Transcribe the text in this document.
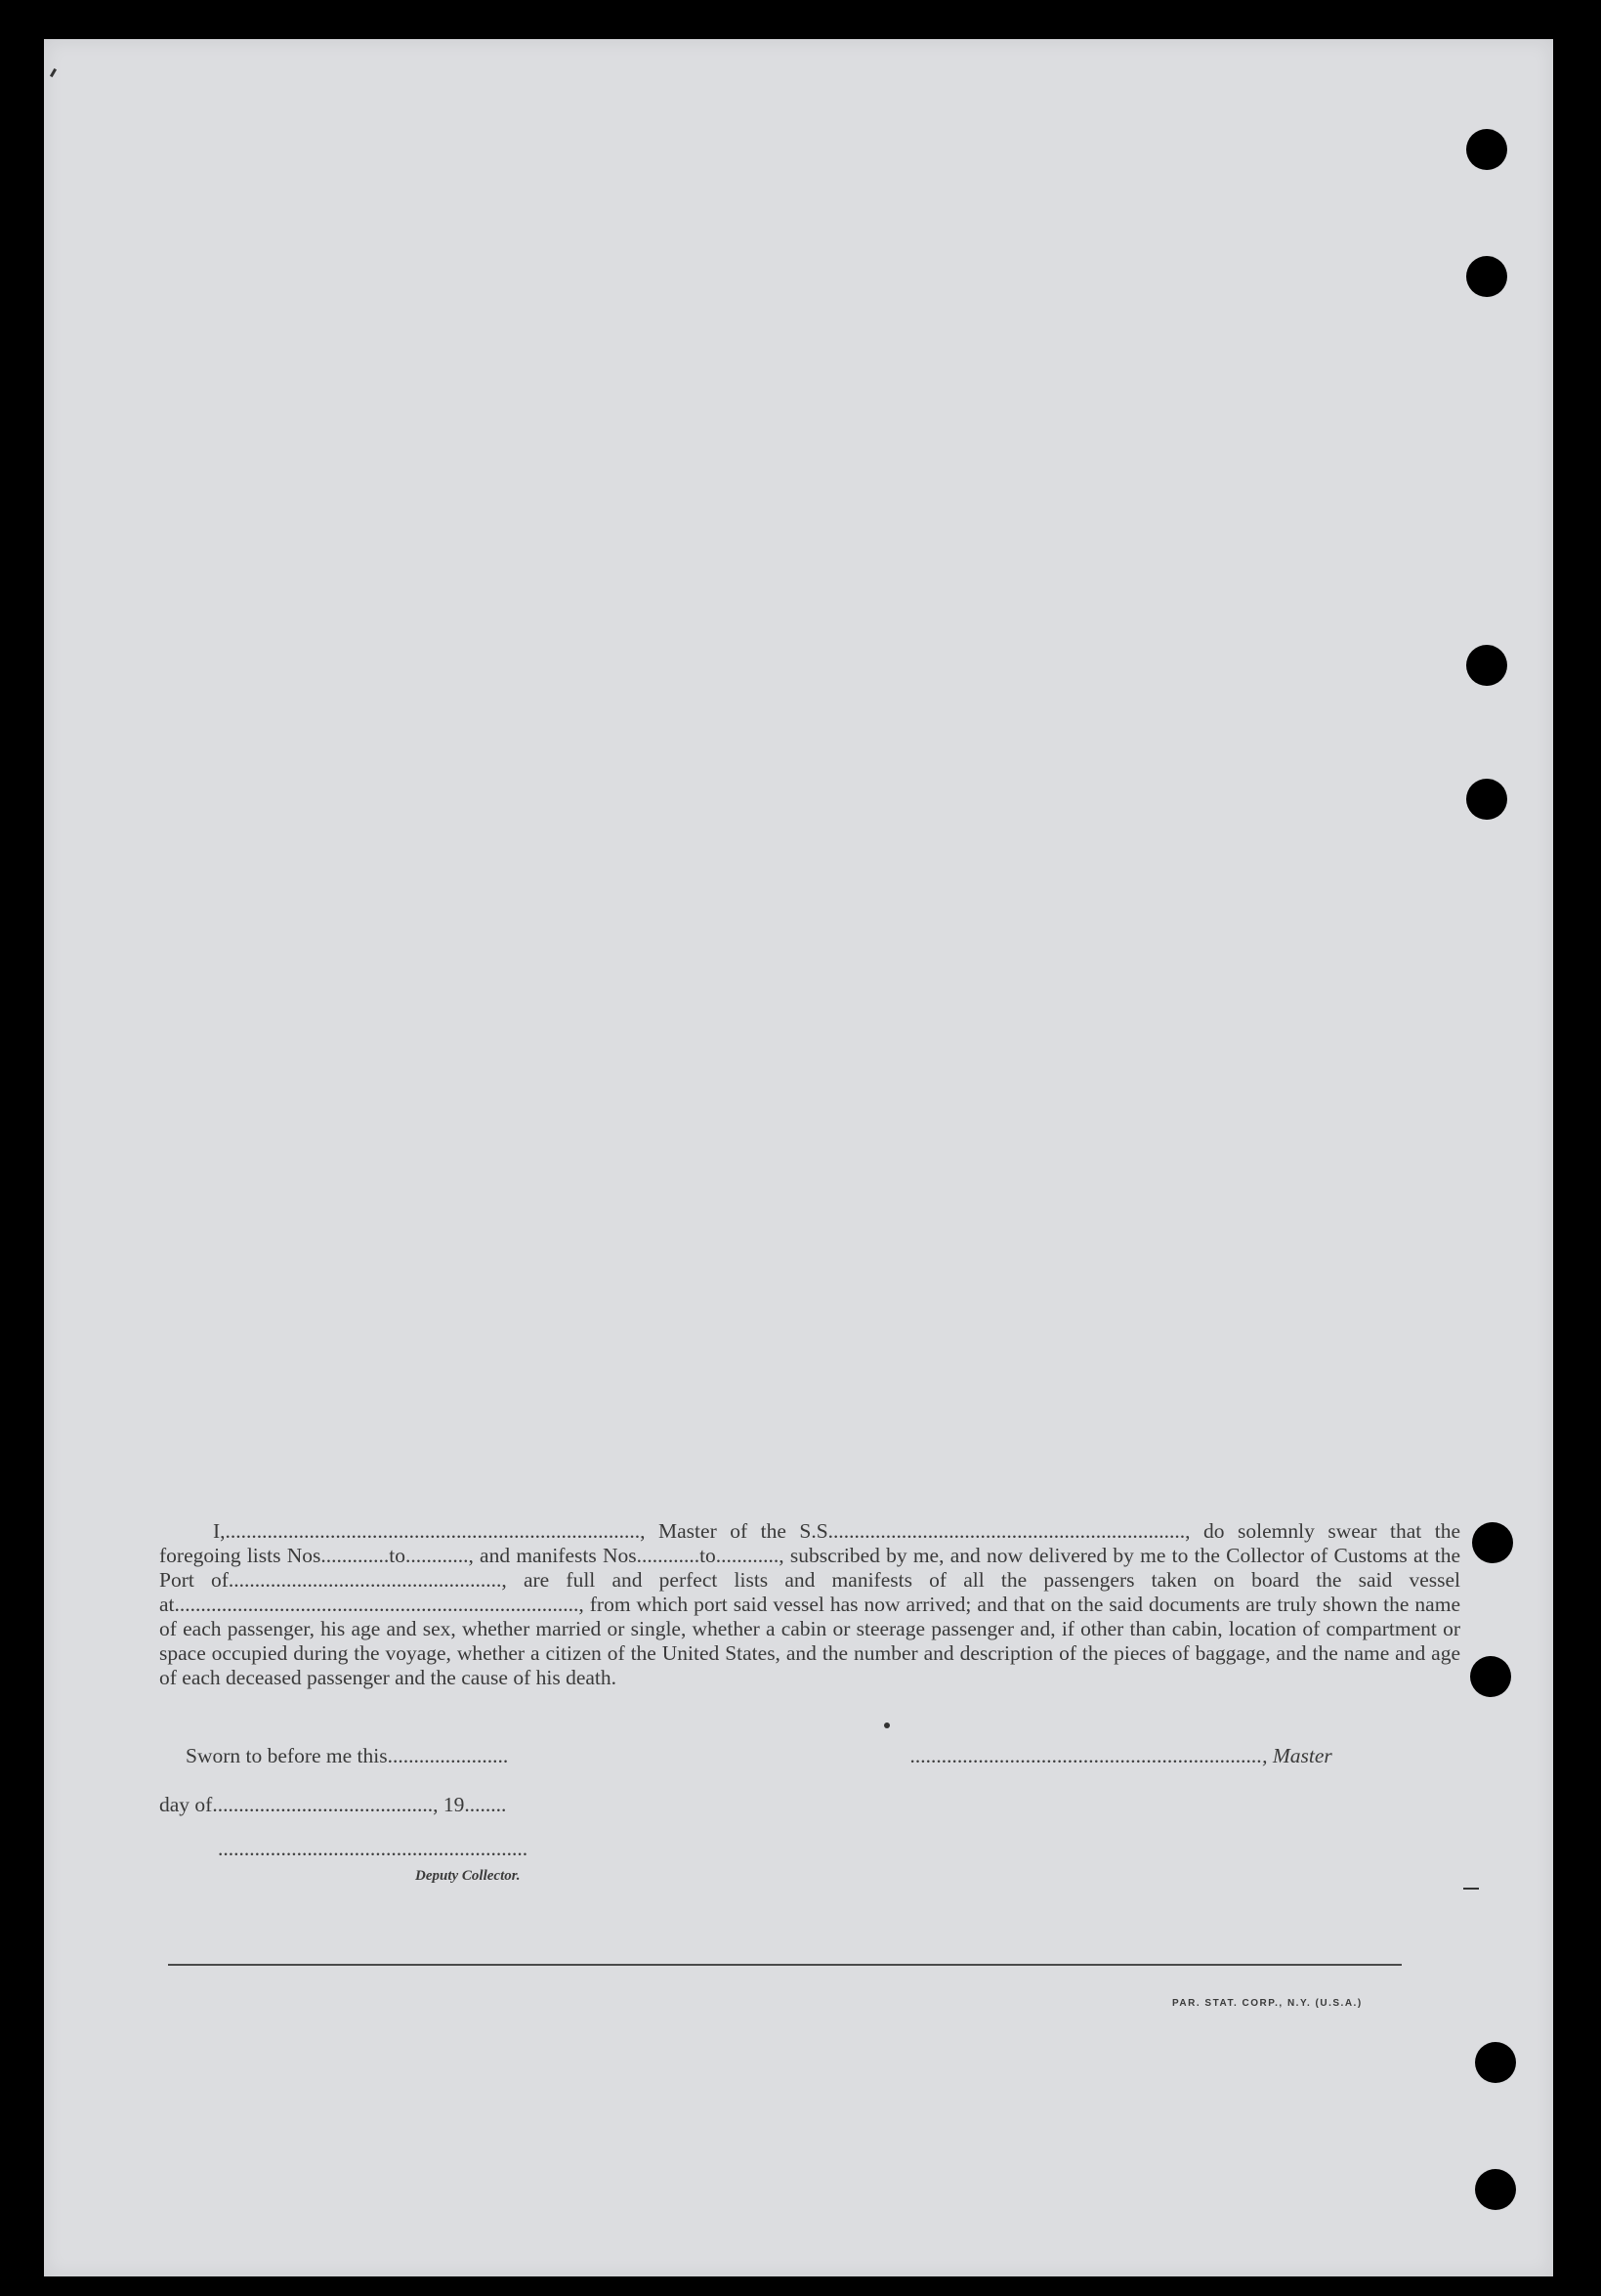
I,..............................................................................., Master of the S.S...................................................................., do solemnly swear that the foregoing lists Nos.............to............, and manifests Nos............to............, subscribed by me, and now delivered by me to the Collector of Customs at the Port of...................................................., are full and perfect lists and manifests of all the passengers taken on board the said vessel at............................................................................., from which port said vessel has now arrived; and that on the said documents are truly shown the name of each passenger, his age and sex, whether married or single, whether a cabin or steerage passenger and, if other than cabin, location of compartment or space occupied during the voyage, whether a citizen of the United States, and the number and description of the pieces of baggage, and the name and age of each deceased passenger and the cause of his death.

Sworn to before me this.......................	..................................................................., Master
day of.........................................., 19........
...........................................................
Deputy Collector.
PAR. STAT. CORP., N.Y. (U.S.A.)
